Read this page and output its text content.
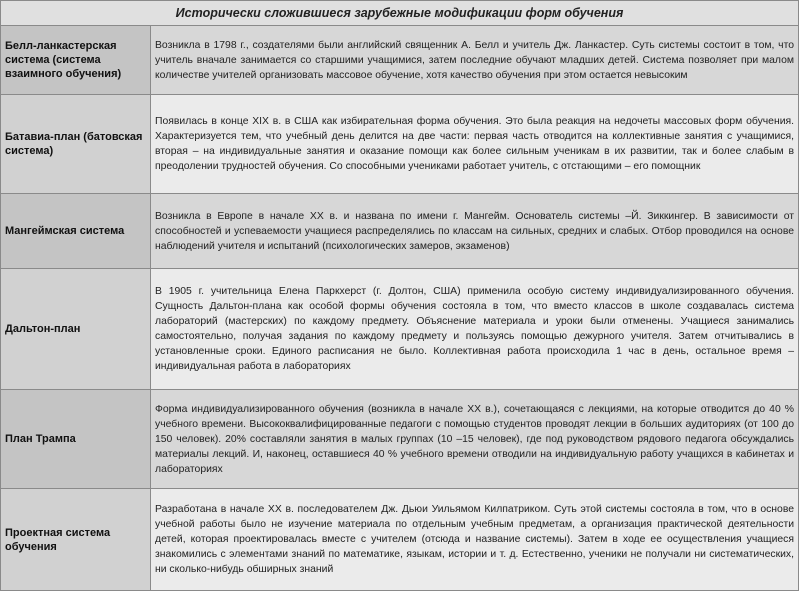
Исторически сложившиеся зарубежные модификации форм обучения	
Белл-ланкастерская система (система взаимного обучения)	Возникла в 1798 г., создателями были английский священник А. Белл и учитель Дж. Ланкастер. Суть системы состоит в том, что учитель вначале занимается со старшими учащимися, затем последние обучают младших детей. Система позволяет при малом количестве учителей организовать массовое обучение, хотя качество обучения при этом остается невысоким
Батавиа-план (батовская система)	Появилась в конце XIX в. в США как избирательная форма обучения. Это была реакция на недочеты массовых форм обучения. Характеризуется тем, что учебный день делится на две части: первая часть отводится на коллективные занятия с учащимися, вторая – на индивидуальные занятия и оказание помощи как более сильным ученикам в их развитии, так и более слабым в преодолении трудностей обучения. Со способными учениками работает учитель, с отстающими – его помощник
Мангеймская система	Возникла в Европе в начале XX в. и названа по имени г. Мангейм. Основатель системы –Й. Зиккингер. В зависимости от способностей и успеваемости учащиеся распределялись по классам на сильных, средних и слабых. Отбор проводился на основе наблюдений учителя и испытаний (психологических замеров, экзаменов)
Дальтон-план	В 1905 г. учительница Елена Паркхерст (г. Долтон, США) применила особую систему индивидуализированного обучения. Сущность Дальтон-плана как особой формы обучения состояла в том, что вместо классов в школе создавалась система лабораторий (мастерских) по каждому предмету. Объяснение материала и уроки были отменены. Учащиеся занимались самостоятельно, получая задания по каждому предмету и пользуясь помощью дежурного учителя. Затем отчитывались в установленные сроки. Единого расписания не было. Коллективная работа происходила 1 час в день, остальное время –индивидуальная работа в лабораториях
План Трампа	Форма индивидуализированного обучения (возникла в начале XX в.), сочетающаяся с лекциями, на которые отводится до 40 % учебного времени. Высококвалифицированные педагоги с помощью студентов проводят лекции в больших аудиториях (от 100 до 150 человек). 20% составляли занятия в малых группах (10 –15 человек), где под руководством рядового педагога обсуждались материалы лекций. И, наконец, оставшиеся 40 % учебного времени отводили на индивидуальную работу учащихся в кабинетах и лабораториях
Проектная система обучения	Разработана в начале XX в. последователем Дж. Дьюи Уильямом Килпатриком. Суть этой системы состояла в том, что в основе учебной работы было не изучение материала по отдельным учебным предметам, а организация практической деятельности детей, которая проектировалась вместе с учителем (отсюда и название системы). Затем в ходе ее осуществления учащиеся знакомились с элементами знаний по математике, языкам, истории и т. д. Естественно, ученики не получали ни систематических, ни сколько-нибудь обширных знаний
